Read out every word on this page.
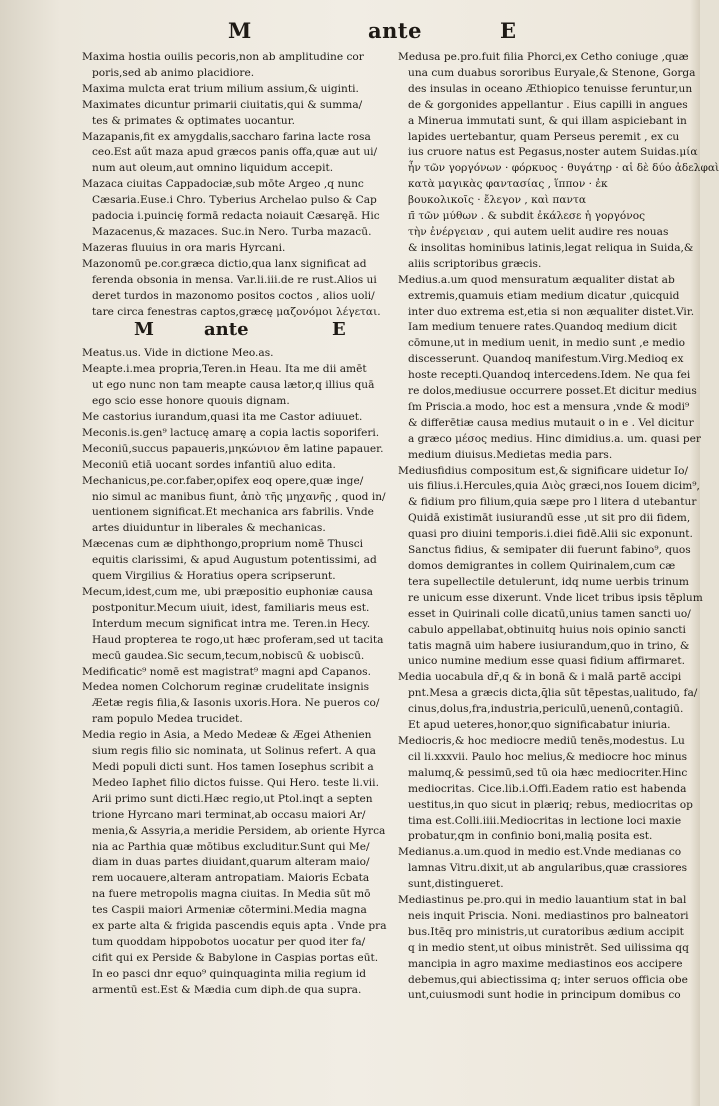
M	ante	E
Maxima hostia ouilis pecoris,non ab amplitudine cor
poris,sed ab animo placidiore.
Maxima mulcta erat trium milium assium,& uiginti.
Maximates dicuntur primarii ciuitatis,qui & summa/
tes & primates & optimates uocantur.
Mazapanis,fit ex amygdalis,saccharo farina lacte rosa
ceo.Est aűt maza apud græcos panis offa,quæ aut ui/
num aut oleum,aut omnino liquidum accepit.
Mazaca ciuitas Cappadociæ,sub mōte Argeo ,q nunc
Cæsaria.Euse.i Chro. Tyberius Archelao pulso & Cap
padocia i.puincię formā redacta noiauit Cæsaręā. Hic
Mazacenus,& mazaces. Suc.in Nero. Turba mazacū.
Mazeras fluuius in ora maris Hyrcani.
Mazonomū pe.cor.græca dictio,qua lanx significat ad
ferenda obsonia in mensa. Var.li.iii.de re rust.Alios ui
deret turdos in mazonomo positos coctos , alios uoli/
tare circa fenestras captos,græcę μαζονόμοι λέγεται.
M	ante	E
Meatus.us. Vide in dictione Meo.as.
Meapte.i.mea propria,Teren.in Heau. Ita me dii amēt
ut ego nunc non tam meapte causa lætor,q illius quā
ego scio esse honore quouis dignam.
Me castorius iurandum,quasi ita me Castor adiuuet.
Meconis.is.gen⁹ lactucę amarę a copia lactis soporiferi.
Meconiū,succus papaueris,μηκώνιον ēm latine papauer.
Meconiū etiā uocant sordes infantiū aluo edita.
Mechanicus,pe.cor.faber,opifex eoq opere,quæ inge/
nio simul ac manibus fiunt, ἀπὸ τῆς μηχανῆς , quod in/
uentionem significat.Et mechanica ars fabrilis. Vnde
artes diuiduntur in liberales & mechanicas.
Mæcenas cum æ diphthongo,proprium nomē Thusci
equitis clarissimi, & apud Augustum potentissimi, ad
quem Virgilius & Horatius opera scripserunt.
Mecum,idest,cum me, ubi præpositio euphoniæ causa
postponitur.Mecum uiuit, idest, familiaris meus est.
Interdum mecum significat intra me. Teren.in Hecy.
Haud propterea te rogo,ut hæc proferam,sed ut tacita
mecū gaudea.Sic secum,tecum,nobiscū & uobiscū.
Medificatic⁹ nomē est magistrat⁹ magni apd Capanos.
Medea nomen Colchorum reginæ crudelitate insignis
Æetæ regis filia,& Iasonis uxoris.Hora. Ne pueros co/
ram populo Medea trucidet.
Media regio in Asia, a Medo Medeæ & Ægei Athenien
sium regis filio sic nominata, ut Solinus refert. A qua
Medi populi dicti sunt. Hos tamen Iosephus scribit a
Medeo Iaphet filio dictos fuisse. Qui Hero. teste li.vii.
Arii primo sunt dicti.Hæc regio,ut Ptol.inqt a septen
trione Hyrcano mari terminat,ab occasu maiori Ar/
menia,& Assyria,a meridie Persidem, ab oriente Hyrca
nia ac Parthia quæ mōtibus excluditur.Sunt qui Me/
diam in duas partes diuidant,quarum alteram maio/
rem uocauere,alteram antropatiam. Maioris Ecbata
na fuere metropolis magna ciuitas. In Media sūt mō
tes Caspii maiori Armeniæ cōtermini.Media magna
ex parte alta & frigida pascendis equis apta . Vnde pra
tum quoddam hippobotos uocatur per quod iter fa/
cifit qui ex Perside & Babylone in Caspias portas eūt.
In eo pasci dnr equo⁹ quinquaginta milia regium id
armentū est.Est & Mædia cum diph.de qua supra.
Medusa pe.pro.fuit filia Phorci,ex Cetho coniuge ,quæ
una cum duabus sororibus Euryale,& Stenone, Gorga
des insulas in oceano Æthiopico tenuisse feruntur,un
de & gorgonides appellantur . Eius capilli in angues
a Minerua immutati sunt, & qui illam aspiciebant in
lapides uertebantur, quam Perseus peremit , ex cu
ius cruore natus est Pegasus,noster autem Suidas.μία
ἦν τῶν γοργόνων · φόρκυος · θυγάτηρ · αἱ δὲ δύο ἀδελφαὶ
κατὰ μαγικὰς φαντασίας , ἵππον · ἐκ
βουκολικοῖς · ἔλεγον , καὶ παντα
π̄ τῶν μύθων . & subdit ἐκάλεσε ἡ γοργόνος
τὴν ἐνέργειαν , qui autem uelit audire res nouas
& insolitas hominibus latinis,legat reliqua in Suida,&
aliis scriptoribus græcis.
Medius.a.um quod mensuratum æqualiter distat ab
extremis,quamuis etiam medium dicatur ,quicquid
inter duo extrema est,etia si non æqualiter distet.Vir.
Iam medium tenuere rates.Quandoq medium dicit
cōmune,ut in medium uenit, in medio sunt ,e medio
discesserunt. Quandoq manifestum.Virg.Medioq ex
hoste recepti.Quandoq intercedens.Idem. Ne qua fei
re dolos,mediusue occurrere posset.Et dicitur medius
ſm Priscia.a modo, hoc est a mensura ,vnde & modi⁹
& differētiæ causa medius mutauit o in e . Vel dicitur
a græco μέσος medius. Hinc dimidius.a. um. quasi per
medium diuisus.Medietas media pars.
Mediusfidius compositum est,& significare uidetur Io/
uis filius.i.Hercules,quia Διὸς græci,nos Iouem dicim⁹,
& fidium pro filium,quia sæpe pro l litera d utebantur
Quidā existimāt iusiurandū esse ,ut sit pro dii fidem,
quasi pro diuini temporis.i.diei fidē.Alii sic exponunt.
Sanctus fidius, & semipater dii fuerunt fabino⁹, quos
domos demigrantes in collem Quirinalem,cum cæ
tera supellectile detulerunt, idq nume uerbis trinum
re unicum esse dixerunt. Vnde licet tribus ipsis tēplum
esset in Quirinali colle dicatū,unius tamen sancti uo/
cabulo appellabat,obtinuitq huius nois opinio sancti
tatis magnā uim habere iusiurandum,quo in trino, &
unico numine medium esse quasi fidium affirmaret.
Media uocabula dr̄,q & in bonā & i malā partē accipi
pnt.Mesa a græcis dicta,q̄lia sūt tēpestas,ualitudo, fa/
cinus,dolus,fra,industria,periculū,uenenū,contagiū.
Et apud ueteres,honor,quo significabatur iniuria.
Mediocris,& hoc mediocre mediū tenēs,modestus. Lu
cil li.xxxvii. Paulo hoc melius,& mediocre hoc minus
malumq,& pessimū,sed tū oia hæc mediocriter.Hinc
mediocritas. Cice.lib.i.Offi.Eadem ratio est habenda
uestitus,in quo sicut in plæriq; rebus, mediocritas op
tima est.Colli.iiii.Mediocritas in lectione loci maxie
probatur,qm in confinio boni,malią posita est.
Medianus.a.um.quod in medio est.Vnde medianas co
lamnas Vitru.dixit,ut ab angularibus,quæ crassiores
sunt,distingueret.
Mediastinus pe.pro.qui in medio lauantium stat in bal
neis inquit Priscia. Noni. mediastinos pro balneatori
bus.Itēq pro ministris,ut curatoribus ædium accipit
q in medio stent,ut oibus ministrēt. Sed uilissima qq
mancipia in agro maxime mediastinos eos accipere
debemus,qui abiectissima q; inter seruos officia obe
unt,cuiusmodi sunt hodie in principum domibus co
